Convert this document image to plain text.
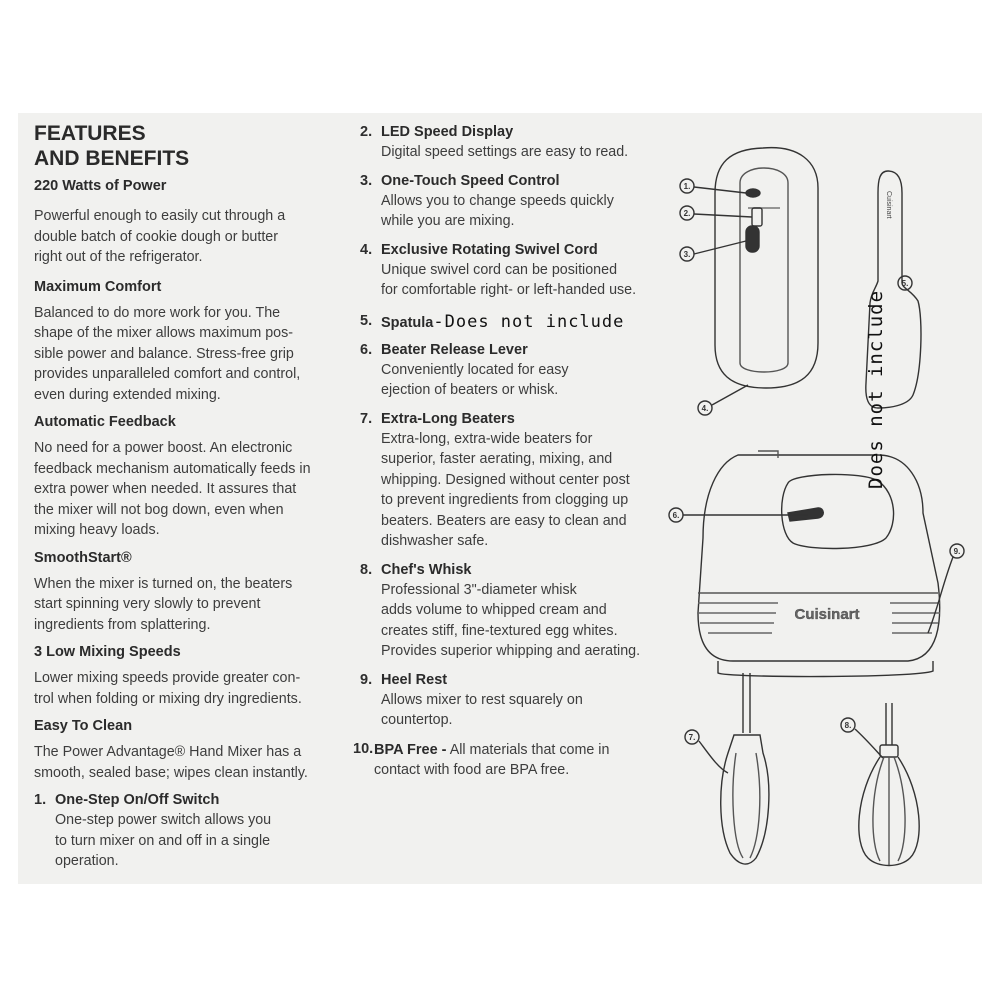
FEATURES
AND BENEFITS
220 Watts of Power
Powerful enough to easily cut through a
double batch of cookie dough or butter
right out of the refrigerator.
Maximum Comfort
Balanced to do more work for you. The
shape of the mixer allows maximum pos-
sible power and balance. Stress-free grip
provides unparalleled comfort and control,
even during extended mixing.
Automatic Feedback
No need for a power boost. An electronic
feedback mechanism automatically feeds in
extra power when needed. It assures that
the mixer will not bog down, even when
mixing heavy loads.
SmoothStart®
When the mixer is turned on, the beaters
start spinning very slowly to prevent
ingredients from splattering.
3 Low Mixing Speeds
Lower mixing speeds provide greater con-
trol when folding or mixing dry ingredients.
Easy To Clean
The Power Advantage® Hand Mixer has a
smooth, sealed base; wipes clean instantly.
1. One-Step On/Off Switch
One-step power switch allows you
to turn mixer on and off in a single
operation.
2. LED Speed Display
Digital speed settings are easy to read.
3. One-Touch Speed Control
Allows you to change speeds quickly
while you are mixing.
4. Exclusive Rotating Swivel Cord
Unique swivel cord can be positioned
for comfortable right- or left-handed use.
5. Spatula-Does not include
6. Beater Release Lever
Conveniently located for easy
ejection of beaters or whisk.
7. Extra-Long Beaters
Extra-long, extra-wide beaters for
superior, faster aerating, mixing, and
whipping. Designed without center post
to prevent ingredients from clogging up
beaters. Beaters are easy to clean and
dishwasher safe.
8. Chef's Whisk
Professional 3"-diameter whisk
adds volume to whipped cream and
creates stiff, fine-textured egg whites.
Provides superior whipping and aerating.
9. Heel Rest
Allows mixer to rest squarely on
countertop.
10. BPA Free - All materials that come in
contact with food are BPA free.
1.
2.
3.
4.
5.
6.
7.
8.
9.
Cuisinart
Cuisinart
Does not include
